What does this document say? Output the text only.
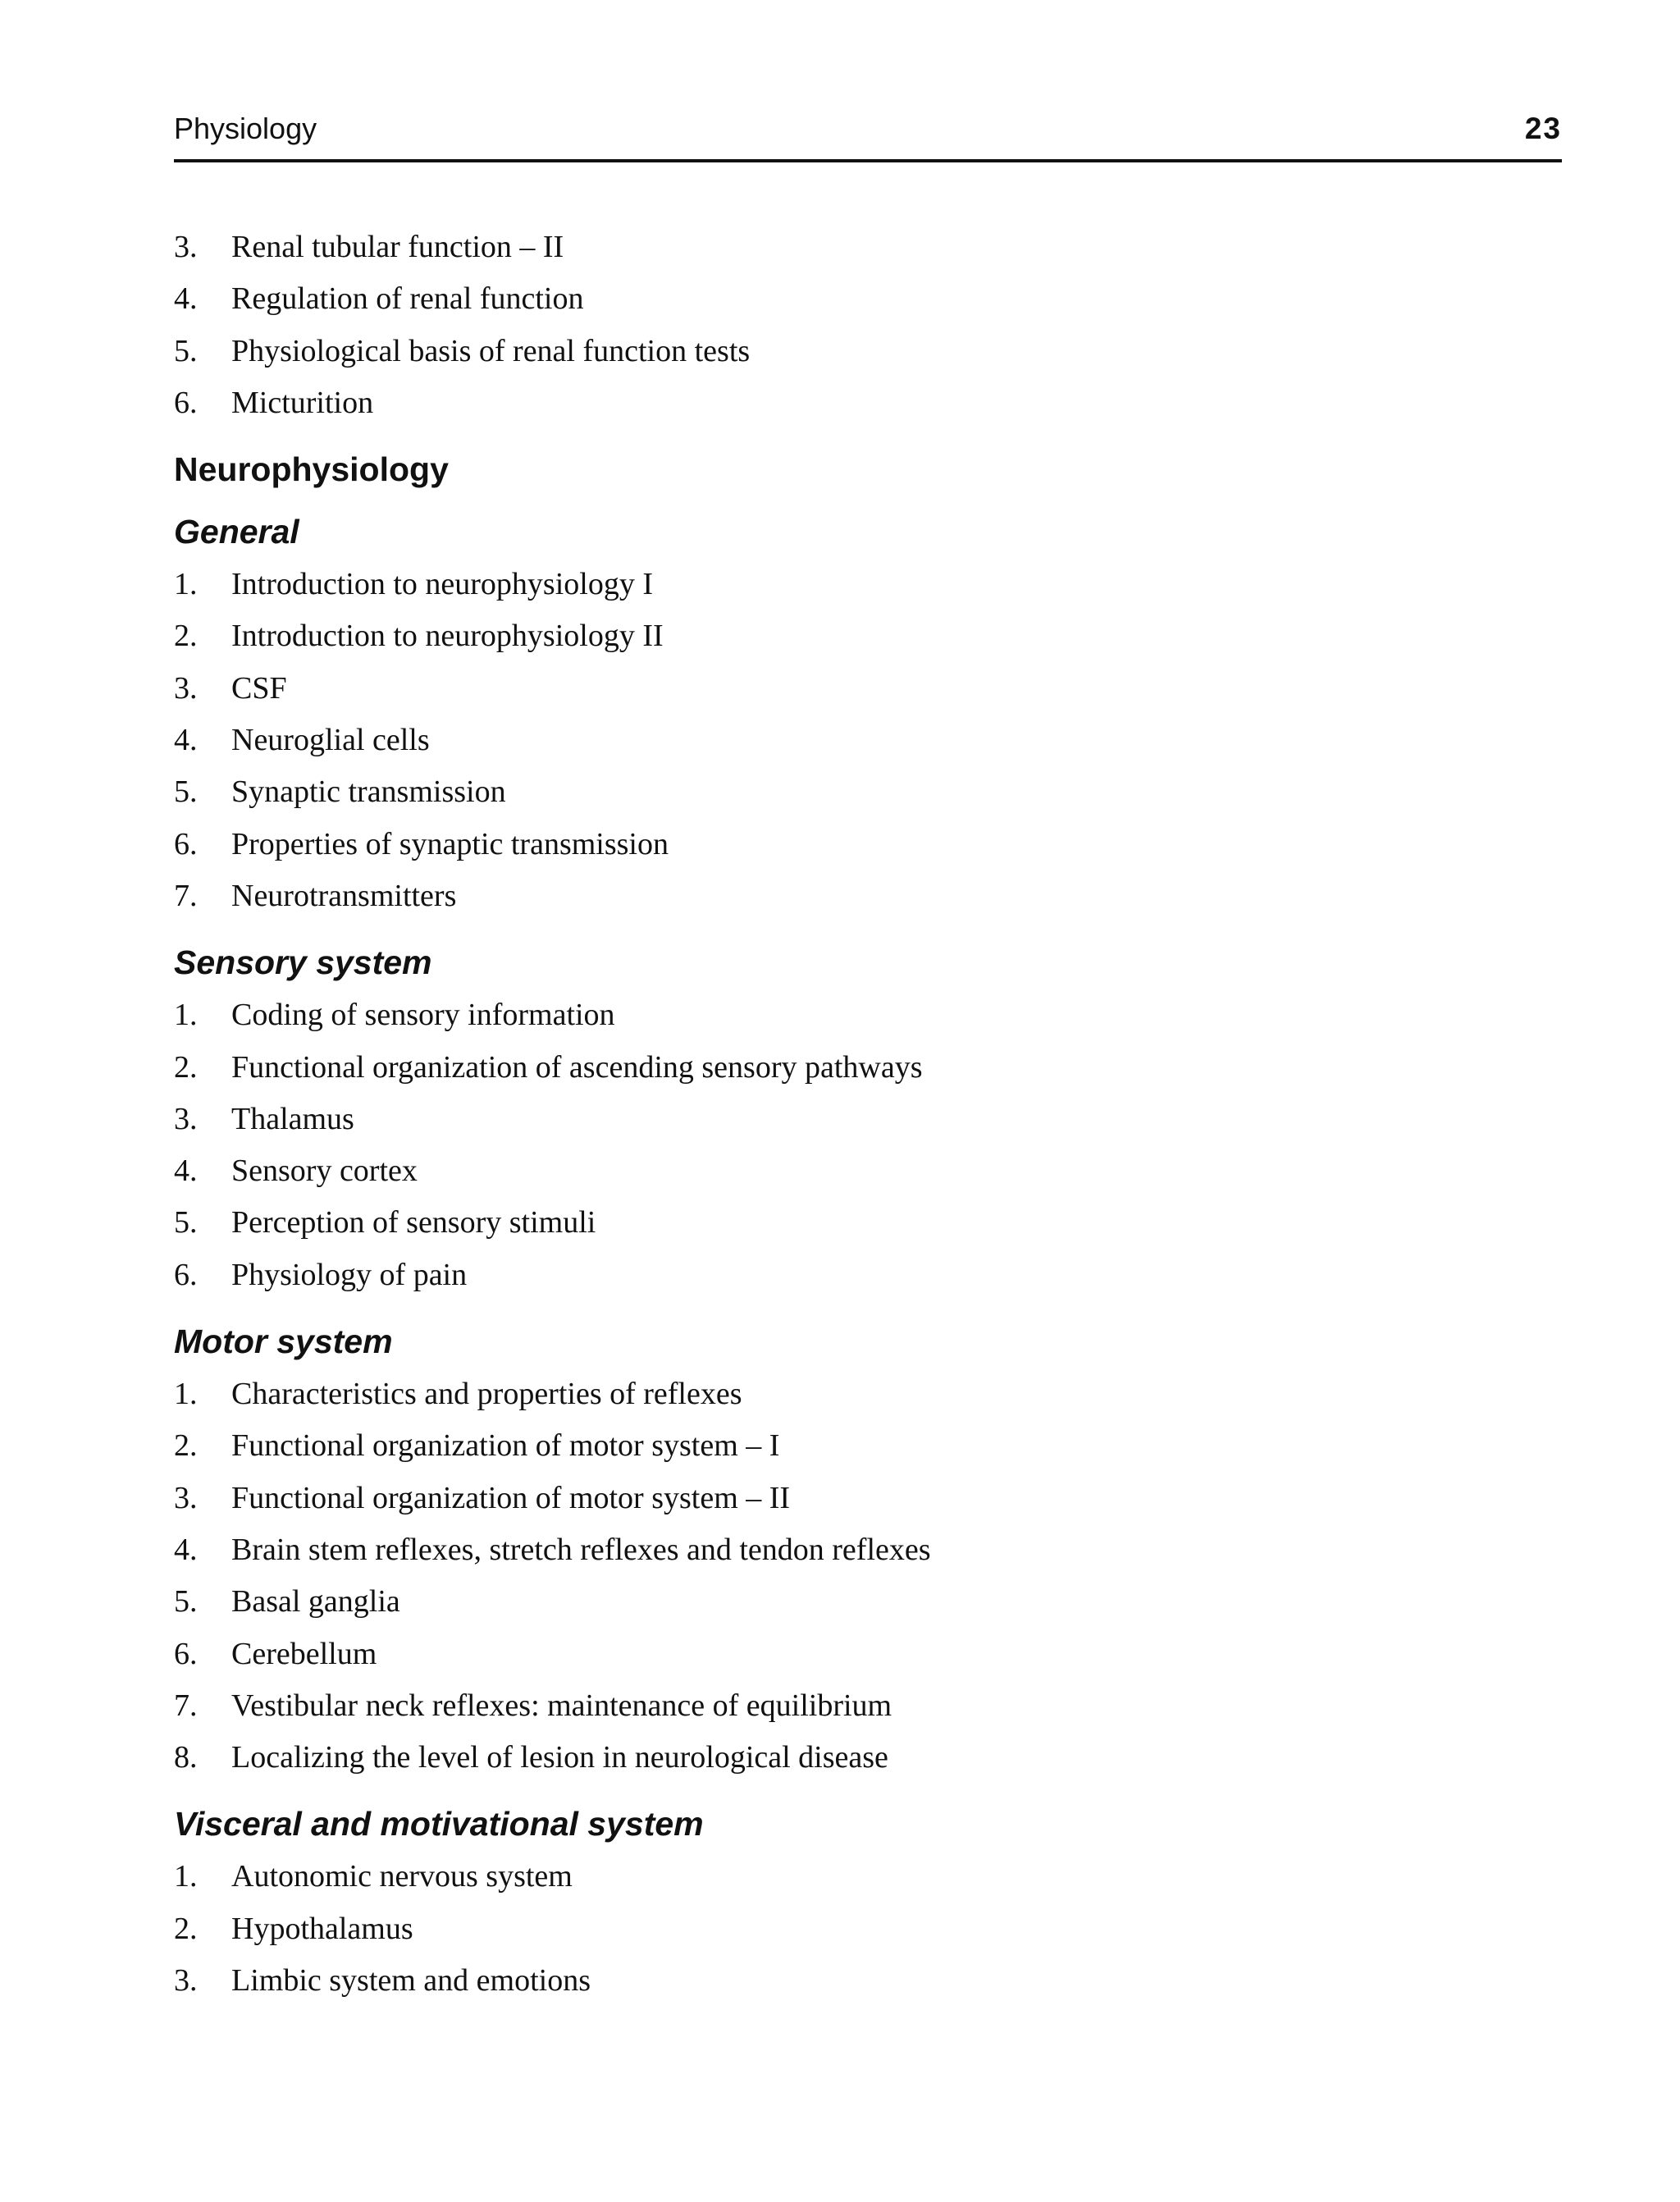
Physiology	23
3. Renal tubular function – II
4. Regulation of renal function
5. Physiological basis of renal function tests
6. Micturition
Neurophysiology
General
1. Introduction to neurophysiology I
2. Introduction to neurophysiology II
3. CSF
4. Neuroglial cells
5. Synaptic transmission
6. Properties of synaptic transmission
7. Neurotransmitters
Sensory system
1. Coding of sensory information
2. Functional organization of ascending sensory pathways
3. Thalamus
4. Sensory cortex
5. Perception of sensory stimuli
6. Physiology of pain
Motor system
1. Characteristics and properties of reflexes
2. Functional organization of motor system – I
3. Functional organization of motor system – II
4. Brain stem reflexes, stretch reflexes and tendon reflexes
5. Basal ganglia
6. Cerebellum
7. Vestibular neck reflexes: maintenance of equilibrium
8. Localizing the level of lesion in neurological disease
Visceral and motivational system
1. Autonomic nervous system
2. Hypothalamus
3. Limbic system and emotions
